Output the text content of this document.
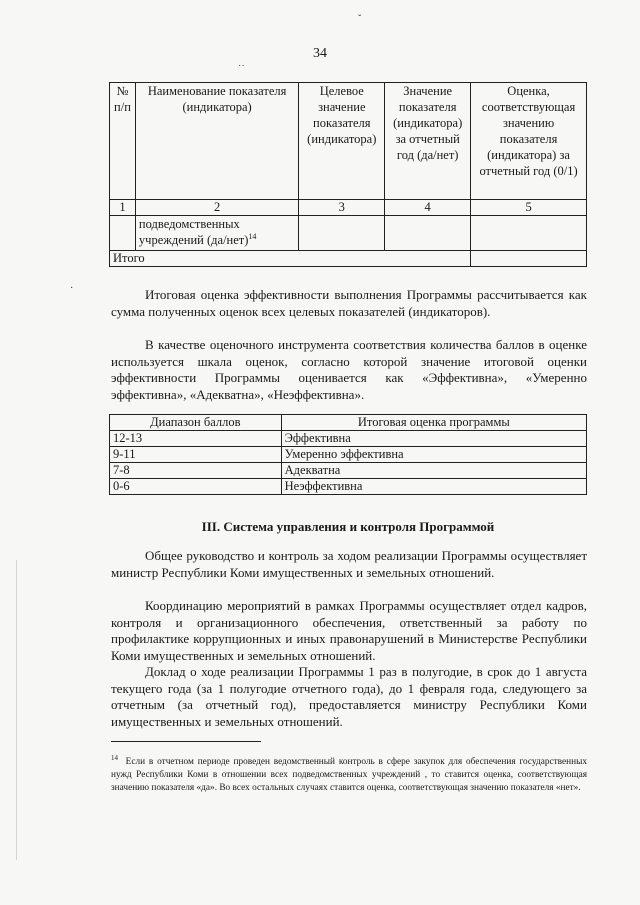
ˇ
˙˙
·
34
№ п/п	Наименование показателя (индикатора)	Целевое значение показателя (индикатора)	Значение показателя (индикатора) за отчетный год (да/нет)	Оценка, соответствующая значению показателя (индикатора) за отчетный год (0/1)
1	2	3	4	5
	подведомственных учреждений $(да/нет)^{14}$			
Итого				

Итоговая оценка эффективности выполнения Программы рассчитывается как сумма полученных оценок всех целевых показателей (индикаторов).

В качестве оценочного инструмента соответствия количества баллов в оценке используется шкала оценок, согласно которой значение итоговой оценки эффективности Программы оценивается как «Эффективна», «Умеренно эффективна», «Адекватна», «Неэффективна».

Диапазон баллов	Итоговая оценка программы
12-13	Эффективна
9-11	Умеренно эффективна
7-8	Адекватна
0-6	Неэффективна

III. Система управления и контроля Программой

Общее руководство и контроль за ходом реализации Программы осуществляет министр Республики Коми имущественных и земельных отношений.

Координацию мероприятий в рамках Программы осуществляет отдел кадров, контроля и организационного обеспечения, ответственный за работу по профилактике коррупционных и иных правонарушений в Министерстве Республики Коми имущественных и земельных отношений.

Доклад о ходе реализации Программы 1 раз в полугодие, в срок до 1 августа текущего года (за 1 полугодие отчетного года), до 1 февраля года, следующего за отчетным (за отчетный год), предоставляется министру Республики Коми имущественных и земельных отношений.

$^{14}$ Если в отчетном периоде проведен ведомственный контроль в сфере закупок для обеспечения государственных нужд Республики Коми в отношении всех подведомственных учреждений , то ставится оценка, соответствующая значению показателя «да». Во всех остальных случаях ставится оценка, соответствующая значению показателя «нет».
